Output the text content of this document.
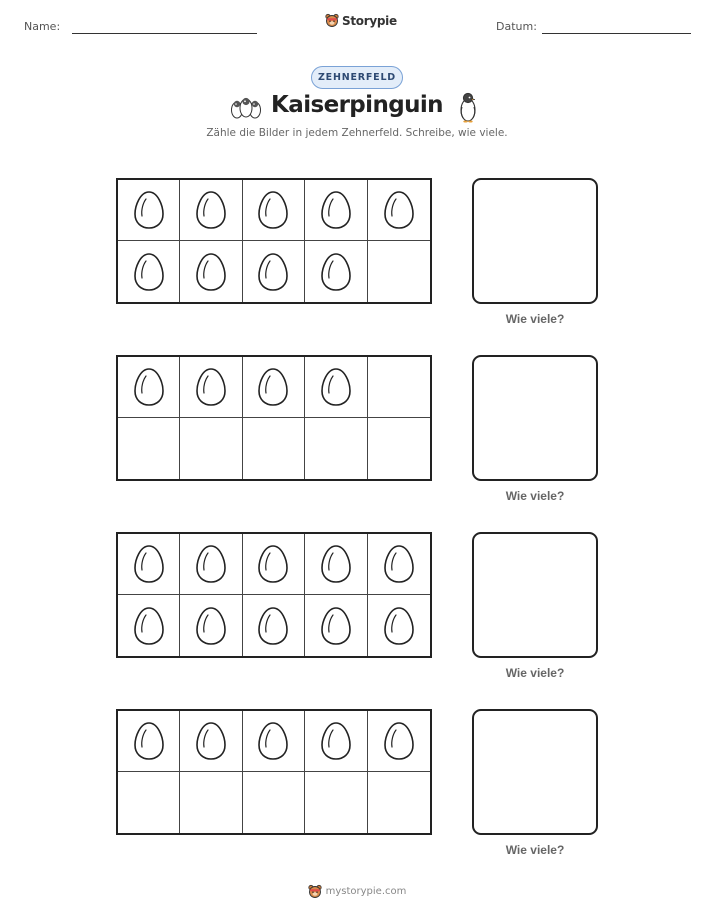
Name:	Storypie	Datum:
ZEHNERFELD
Kaiserpinguin
Zähle die Bilder in jedem Zehnerfeld. Schreibe, wie viele.
Wie viele?
Wie viele?
Wie viele?
Wie viele?
mystorypie.com
